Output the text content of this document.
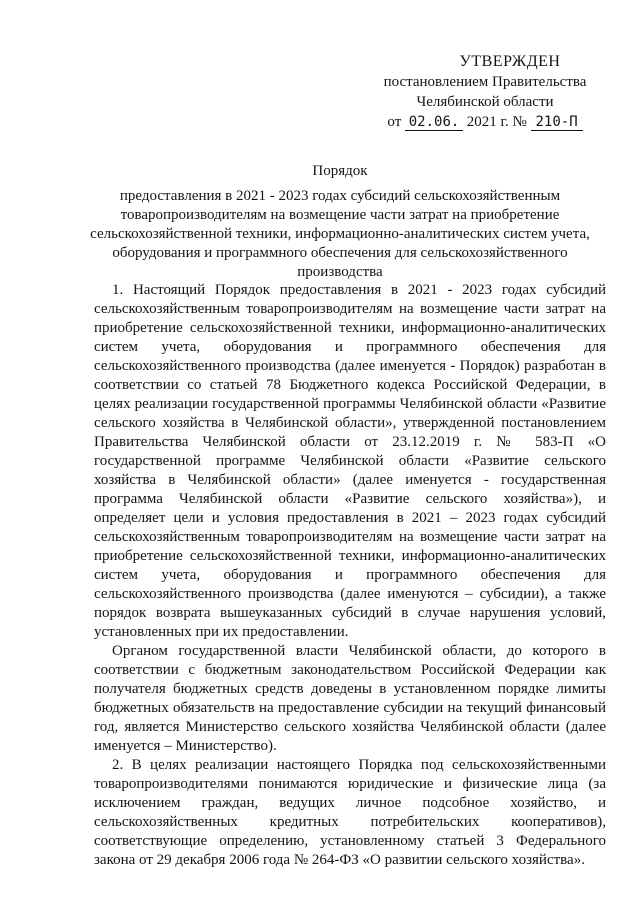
УТВЕРЖДЕН
постановлением Правительства
Челябинской области
от 02.06. 2021 г. № 210-П
Порядок
предоставления в 2021 - 2023 годах субсидий сельскохозяйственным товаропроизводителям на возмещение части затрат на приобретение сельскохозяйственной техники, информационно-аналитических систем учета, оборудования и программного обеспечения для сельскохозяйственного производства

1. Настоящий Порядок предоставления в 2021 - 2023 годах субсидий сельскохозяйственным товаропроизводителям на возмещение части затрат на приобретение сельскохозяйственной техники, информационно-аналитических систем учета, оборудования и программного обеспечения для сельскохозяйственного производства (далее именуется - Порядок) разработан в соответствии со статьей 78 Бюджетного кодекса Российской Федерации, в целях реализации государственной программы Челябинской области «Развитие сельского хозяйства в Челябинской области», утвержденной постановлением Правительства Челябинской области от 23.12.2019 г. № 583-П «О государственной программе Челябинской области «Развитие сельского хозяйства в Челябинской области» (далее именуется - государственная программа Челябинской области «Развитие сельского хозяйства»), и определяет цели и условия предоставления в 2021 – 2023 годах субсидий сельскохозяйственным товаропроизводителям на возмещение части затрат на приобретение сельскохозяйственной техники, информационно-аналитических систем учета, оборудования и программного обеспечения для сельскохозяйственного производства (далее именуются – субсидии), а также порядок возврата вышеуказанных субсидий в случае нарушения условий, установленных при их предоставлении.

Органом государственной власти Челябинской области, до которого в соответствии с бюджетным законодательством Российской Федерации как получателя бюджетных средств доведены в установленном порядке лимиты бюджетных обязательств на предоставление субсидии на текущий финансовый год, является Министерство сельского хозяйства Челябинской области (далее именуется – Министерство).

2. В целях реализации настоящего Порядка под сельскохозяйственными товаропроизводителями понимаются юридические и физические лица (за исключением граждан, ведущих личное подсобное хозяйство, и сельскохозяйственных кредитных потребительских кооперативов), соответствующие определению, установленному статьей 3 Федерального закона от 29 декабря 2006 года № 264-ФЗ «О развитии сельского хозяйства».
